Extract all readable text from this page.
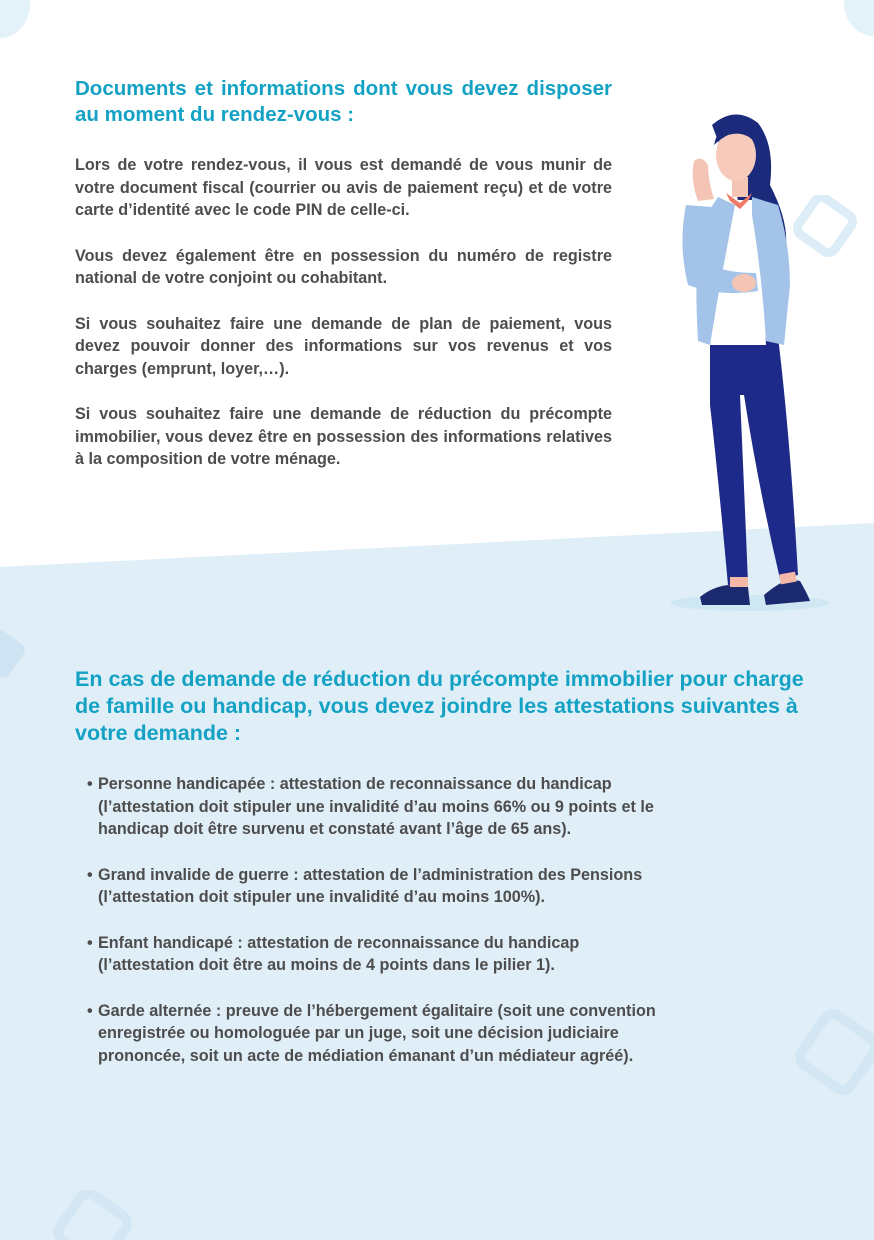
Documents et informations dont vous devez disposer au moment du rendez-vous :

Lors de votre rendez-vous, il vous est demandé de vous munir de votre document fiscal (courrier ou avis de paiement reçu) et de votre carte d’identité avec le code PIN de celle-ci.

Vous devez également être en possession du numéro de registre national de votre conjoint ou cohabitant.

Si vous souhaitez faire une demande de plan de paiement, vous devez pouvoir donner des informations sur vos revenus et vos charges (emprunt, loyer,…).

Si vous souhaitez faire une demande de réduction du précompte immobilier, vous devez être en possession des informations relatives à la composition de votre ménage.

En cas de demande de réduction du précompte immobilier pour charge de famille ou handicap, vous devez joindre les attestations suivantes à votre demande :
• Personne handicapée : attestation de reconnaissance du handicap
(l’attestation doit stipuler une invalidité d’au moins 66% ou 9 points et le
handicap doit être survenu et constaté avant l’âge de 65 ans).
• Grand invalide de guerre : attestation de l’administration des Pensions
(l’attestation doit stipuler une invalidité d’au moins 100%).
• Enfant handicapé : attestation de reconnaissance du handicap
(l’attestation doit être au moins de 4 points dans le pilier 1).
• Garde alternée : preuve de l’hébergement égalitaire (soit une convention
enregistrée ou homologuée par un juge, soit une décision judiciaire
prononcée, soit un acte de médiation émanant d’un médiateur agréé).
